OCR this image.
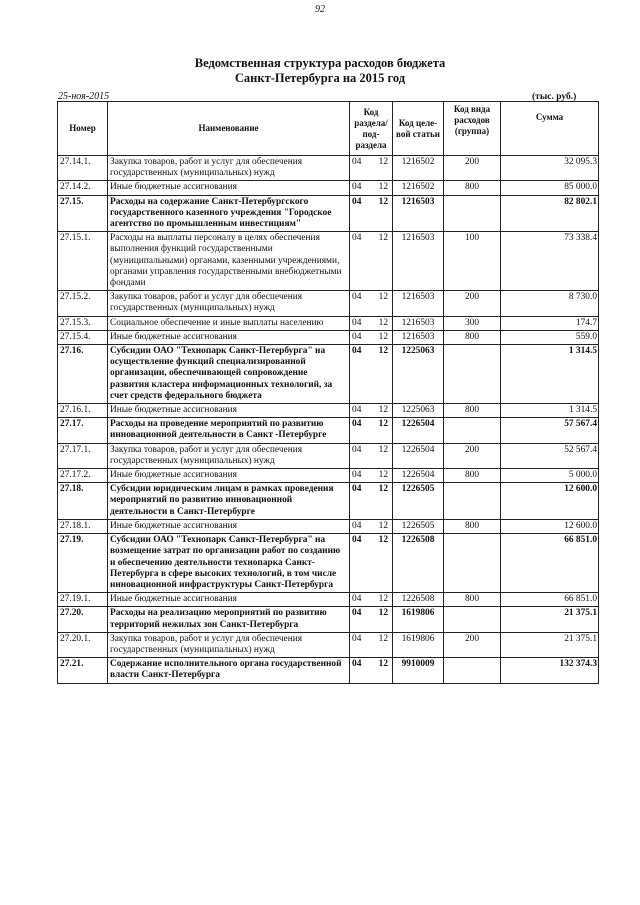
92
Ведомственная структура расходов бюджета
Санкт-Петербурга на 2015 год
25-ноя-2015	(тыс. руб.)
Номер	Наименование	Код раздела/ под-раздела	Код целе-вой статьи	Код вида расходов (группа)	Сумма
27.14.1.	Закупка товаров, работ и услуг для обеспечения государственных (муниципальных) нужд	04 12	1216502	200	32 095.3
27.14.2.	Иные бюджетные ассигнования	04 12	1216502	800	85 000.0
27.15.	Расходы на содержание Санкт-Петербургского государственного казенного учреждения "Городское агентство по промышленным инвестициям"	04 12	1216503		82 802.1
27.15.1.	Расходы на выплаты персоналу в целях обеспечения выполнения функций государственными (муниципальными) органами, казенными учреждениями, органами управления государственными внебюджетными фондами	04 12	1216503	100	73 338.4
27.15.2.	Закупка товаров, работ и услуг для обеспечения государственных (муниципальных) нужд	04 12	1216503	200	8 730.0
27.15.3.	Социальное обеспечение и иные выплаты населению	04 12	1216503	300	174.7
27.15.4.	Иные бюджетные ассигнования	04 12	1216503	800	559.0
27.16.	Субсидии ОАО "Технопарк Санкт-Петербурга" на осуществление функций специализированной организации, обеспечивающей сопровождение развития кластера информационных технологий, за счет средств федерального бюджета	04 12	1225063		1 314.5
27.16.1.	Иные бюджетные ассигнования	04 12	1225063	800	1 314.5
27.17.	Расходы на проведение мероприятий по развитию инновационной деятельности в Санкт -Петербурге	04 12	1226504		57 567.4
27.17.1.	Закупка товаров, работ и услуг для обеспечения государственных (муниципальных) нужд	04 12	1226504	200	52 567.4
27.17.2.	Иные бюджетные ассигнования	04 12	1226504	800	5 000.0
27.18.	Субсидии юридическим лицам в рамках проведения мероприятий по развитию инновационной деятельности в Санкт-Петербурге	04 12	1226505		12 600.0
27.18.1.	Иные бюджетные ассигнования	04 12	1226505	800	12 600.0
27.19.	Субсидии ОАО "Технопарк Санкт-Петербурга" на возмещение затрат по организации работ по созданию и обеспечению деятельности технопарка Санкт-Петербурга в сфере высоких технологий, в том числе инновационной инфраструктуры Санкт-Петербурга	04 12	1226508		66 851.0
27.19.1.	Иные бюджетные ассигнования	04 12	1226508	800	66 851.0
27.20.	Расходы на реализацию мероприятий по развитию территорий нежилых зон Санкт-Петербурга	04 12	1619806		21 375.1
27.20.1.	Закупка товаров, работ и услуг для обеспечения государственных (муниципальных) нужд	04 12	1619806	200	21 375.1
27.21.	Содержание исполнительного органа государственной власти Санкт-Петербурга	04 12	9910009		132 374.3
